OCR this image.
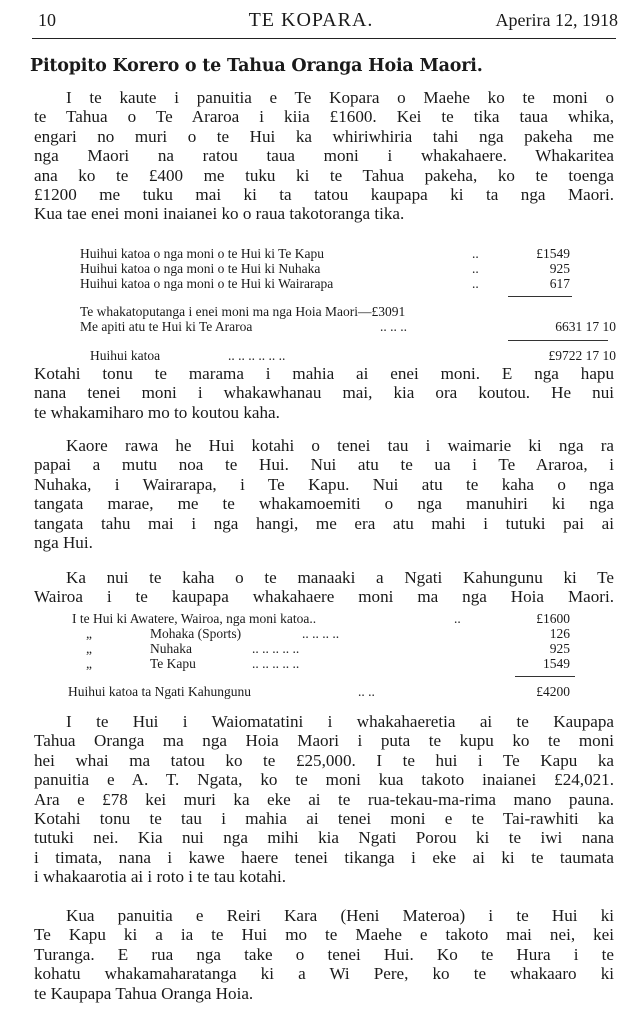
10	TE KOPARA.	Aperira 12, 1918
Pitopito Korero o te Tahua Oranga Hoia Maori.
I te kaute i panuitia e Te Kopara o Maehe ko te moni o
te Tahua o Te Araroa i kiia £1600. Kei te tika taua whika,
engari no muri o te Hui ka whiriwhiria tahi nga pakeha me
nga Maori na ratou taua moni i whakahaere. Whakaritea
ana ko te £400 me tuku ki te Tahua pakeha, ko te toenga
£1200 me tuku mai ki ta tatou kaupapa ki ta nga Maori.
Kua tae enei moni inaianei ko o raua takotoranga tika.
Huihui katoa o nga moni o te Hui ki Te Kapu	..	£1549
Huihui katoa o nga moni o te Hui ki Nuhaka	..	925
Huihui katoa o nga moni o te Hui ki Wairarapa	..	617
Te whakatoputanga i enei moni ma nga Hoia Maori—£3091
Me apiti atu te Hui ki Te Araroa	.. .. ..	6631 17 10
Huihui katoa	.. .. .. .. .. ..	£9722 17 10
Kotahi tonu te marama i mahia ai enei moni. E nga hapu
nana tenei moni i whakawhanau mai, kia ora koutou. He nui
te whakamiharo mo to koutou kaha.
Kaore rawa he Hui kotahi o tenei tau i waimarie ki nga ra
papai a mutu noa te Hui. Nui atu te ua i Te Araroa, i
Nuhaka, i Wairarapa, i Te Kapu. Nui atu te kaha o nga
tangata marae, me te whakamoemiti o nga manuhiri ki nga
tangata tahu mai i nga hangi, me era atu mahi i tutuki pai ai
nga Hui.
Ka nui te kaha o te manaaki a Ngati Kahungunu ki Te
Wairoa i te kaupapa whakahaere moni ma nga Hoia Maori.
I te Hui ki Awatere, Wairoa, nga moni katoa..	..	£1600
„	Mohaka (Sports)	.. .. .. ..	126
„	Nuhaka	.. .. .. .. ..	925
„	Te Kapu	.. .. .. .. ..	1549
Huihui katoa ta Ngati Kahungunu	.. ..	£4200
I te Hui i Waiomatatini i whakahaeretia ai te Kaupapa
Tahua Oranga ma nga Hoia Maori i puta te kupu ko te moni
hei whai ma tatou ko te £25,000. I te hui i Te Kapu ka
panuitia e A. T. Ngata, ko te moni kua takoto inaianei £24,021.
Ara e £78 kei muri ka eke ai te rua-tekau-ma-rima mano pauna.
Kotahi tonu te tau i mahia ai tenei moni e te Tai-rawhiti ka
tutuki nei. Kia nui nga mihi kia Ngati Porou ki te iwi nana
i timata, nana i kawe haere tenei tikanga i eke ai ki te taumata
i whakaarotia ai i roto i te tau kotahi.
Kua panuitia e Reiri Kara (Heni Materoa) i te Hui ki
Te Kapu ki a ia te Hui mo te Maehe e takoto mai nei, kei
Turanga. E rua nga take o tenei Hui. Ko te Hura i te
kohatu whakamaharatanga ki a Wi Pere, ko te whakaaro ki
te Kaupapa Tahua Oranga Hoia.
